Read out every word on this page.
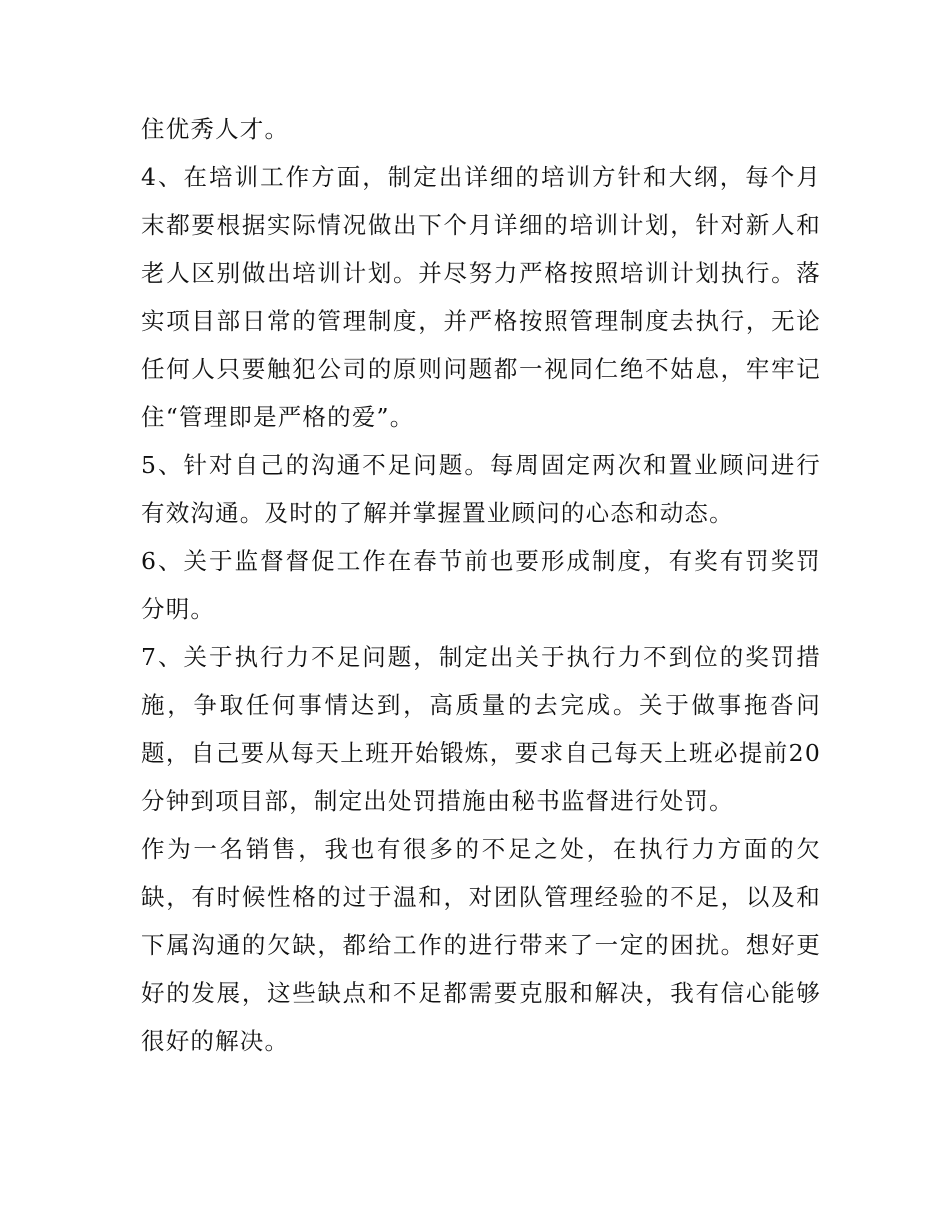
住优秀人才。

4、在培训工作方面，制定出详细的培训方针和大纲，每个月末都要根据实际情况做出下个月详细的培训计划，针对新人和老人区别做出培训计划。并尽努力严格按照培训计划执行。落实项目部日常的管理制度，并严格按照管理制度去执行，无论任何人只要触犯公司的原则问题都一视同仁绝不姑息，牢牢记住“管理即是严格的爱”。

5、针对自己的沟通不足问题。每周固定两次和置业顾问进行有效沟通。及时的了解并掌握置业顾问的心态和动态。

6、关于监督督促工作在春节前也要形成制度，有奖有罚奖罚分明。

7、关于执行力不足问题，制定出关于执行力不到位的奖罚措施，争取任何事情达到，高质量的去完成。关于做事拖沓问题，自己要从每天上班开始锻炼，要求自己每天上班必提前20分钟到项目部，制定出处罚措施由秘书监督进行处罚。

作为一名销售，我也有很多的不足之处，在执行力方面的欠缺，有时候性格的过于温和，对团队管理经验的不足，以及和下属沟通的欠缺，都给工作的进行带来了一定的困扰。想好更好的发展，这些缺点和不足都需要克服和解决，我有信心能够很好的解决。
